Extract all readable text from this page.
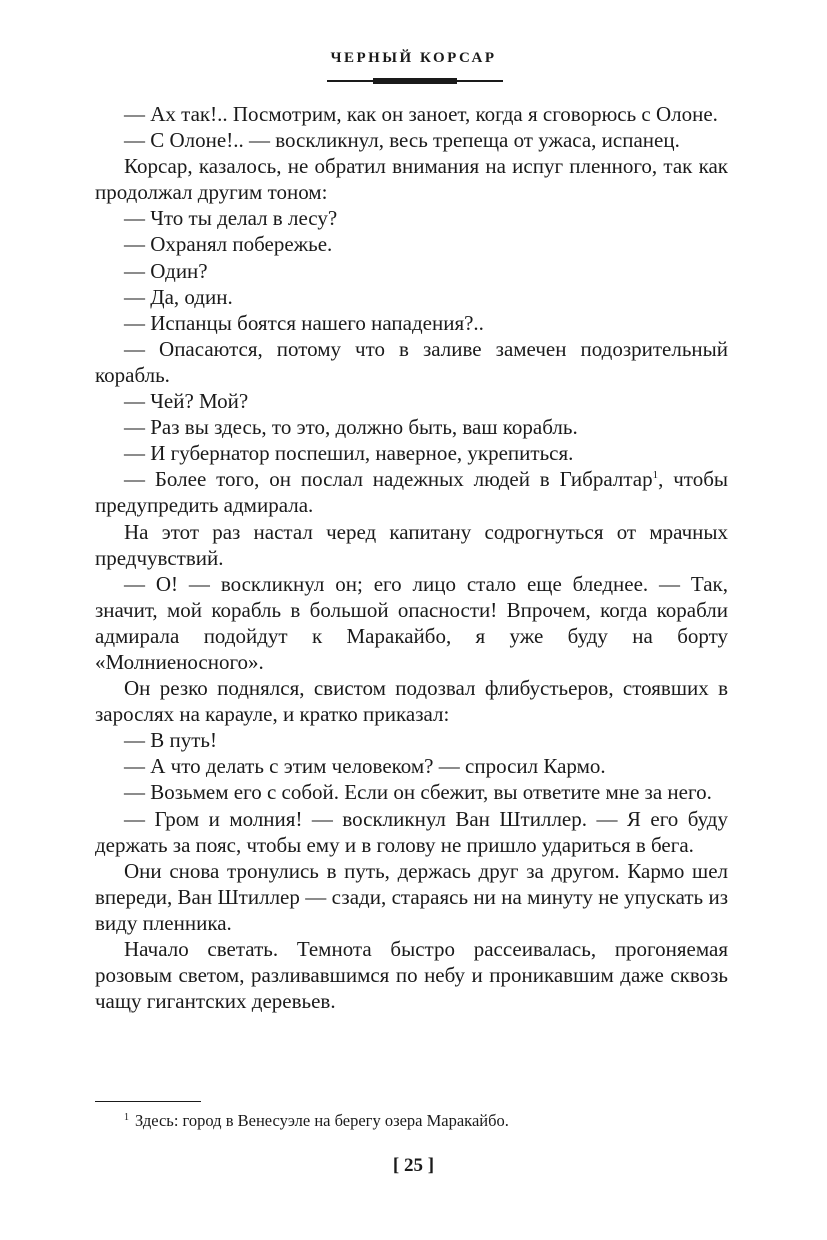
ЧЕРНЫЙ КОРСАР

— Ах так!.. Посмотрим, как он заноет, когда я сговорюсь с Олоне.

— С Олоне!.. — воскликнул, весь трепеща от ужаса, испанец.

Корсар, казалось, не обратил внимания на испуг пленного, так как продолжал другим тоном:

— Что ты делал в лесу?

— Охранял побережье.

— Один?

— Да, один.

— Испанцы боятся нашего нападения?..

— Опасаются, потому что в заливе замечен подозрительный корабль.

— Чей? Мой?

— Раз вы здесь, то это, должно быть, ваш корабль.

— И губернатор поспешил, наверное, укрепиться.

— Более того, он послал надежных людей в Гибралтар$^1$, чтобы предупредить адмирала.

На этот раз настал черед капитану содрогнуться от мрачных предчувствий.

— О! — воскликнул он; его лицо стало еще бледнее. — Так, значит, мой корабль в большой опасности! Впрочем, когда корабли адмирала подойдут к Маракайбо, я уже буду на борту «Молниеносного».

Он резко поднялся, свистом подозвал флибустьеров, стоявших в зарослях на карауле, и кратко приказал:

— В путь!

— А что делать с этим человеком? — спросил Кармо.

— Возьмем его с собой. Если он сбежит, вы ответите мне за него.

— Гром и молния! — воскликнул Ван Штиллер. — Я его буду держать за пояс, чтобы ему и в голову не пришло удариться в бега.

Они снова тронулись в путь, держась друг за другом. Кармо шел впереди, Ван Штиллер — сзади, стараясь ни на минуту не упускать из виду пленника.

Начало светать. Темнота быстро рассеивалась, прогоняемая розовым светом, разливавшимся по небу и проникавшим даже сквозь чащу гигантских деревьев.

$^1$ Здесь: город в Венесуэле на берегу озера Маракайбо.
[ 25 ]
